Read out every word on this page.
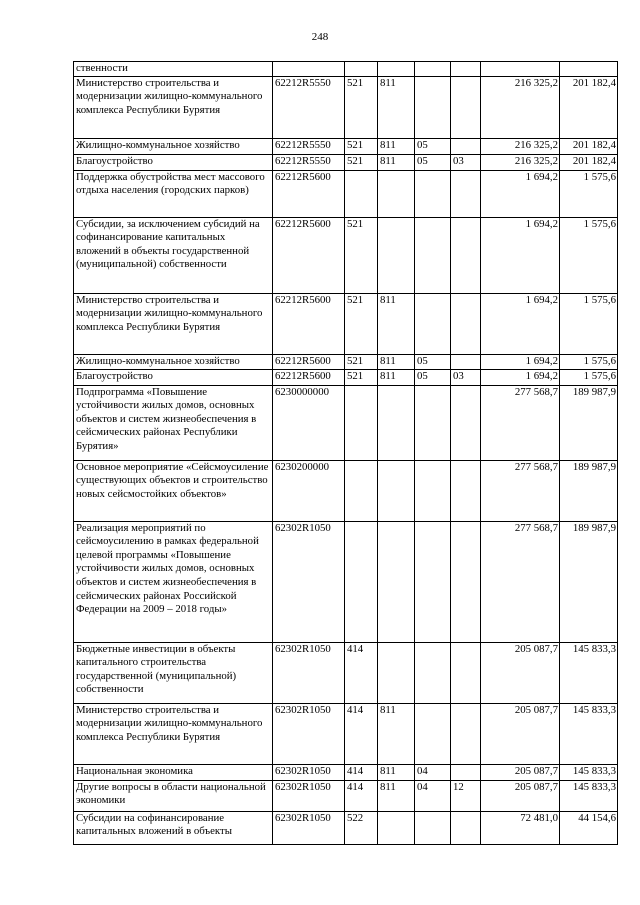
248
ственности							
Министерство строительства и модернизации жилищно-коммунального комплекса Республики Бурятия	62212R5550	521	811			216 325,2	201 182,4
Жилищно-коммунальное хозяйство	62212R5550	521	811	05		216 325,2	201 182,4
Благоустройство	62212R5550	521	811	05	03	216 325,2	201 182,4
Поддержка обустройства мест массового отдыха населения (городских парков)	62212R5600					1 694,2	1 575,6
Субсидии, за исключением субсидий на софинансирование капитальных вложений в объекты государственной (муниципальной) собственности	62212R5600	521				1 694,2	1 575,6
Министерство строительства и модернизации жилищно-коммунального комплекса Республики Бурятия	62212R5600	521	811			1 694,2	1 575,6
Жилищно-коммунальное хозяйство	62212R5600	521	811	05		1 694,2	1 575,6
Благоустройство	62212R5600	521	811	05	03	1 694,2	1 575,6
Подпрограмма «Повышение устойчивости жилых домов, основных объектов и систем жизнеобеспечения в сейсмических районах Республики Бурятия»	6230000000					277 568,7	189 987,9
Основное мероприятие «Сейсмоусиление существующих объектов и строительство новых сейсмостойких объектов»	6230200000					277 568,7	189 987,9
Реализация мероприятий по сейсмоусилению в рамках федеральной целевой программы «Повышение устойчивости жилых домов, основных объектов и систем жизнеобеспечения в сейсмических районах Российской Федерации на 2009 – 2018 годы»	62302R1050					277 568,7	189 987,9
Бюджетные инвестиции в объекты капитального строительства государственной (муниципальной) собственности	62302R1050	414				205 087,7	145 833,3
Министерство строительства и модернизации жилищно-коммунального комплекса Республики Бурятия	62302R1050	414	811			205 087,7	145 833,3
Национальная экономика	62302R1050	414	811	04		205 087,7	145 833,3
Другие вопросы в области национальной экономики	62302R1050	414	811	04	12	205 087,7	145 833,3
Субсидии на софинансирование капитальных вложений в объекты	62302R1050	522				72 481,0	44 154,6
